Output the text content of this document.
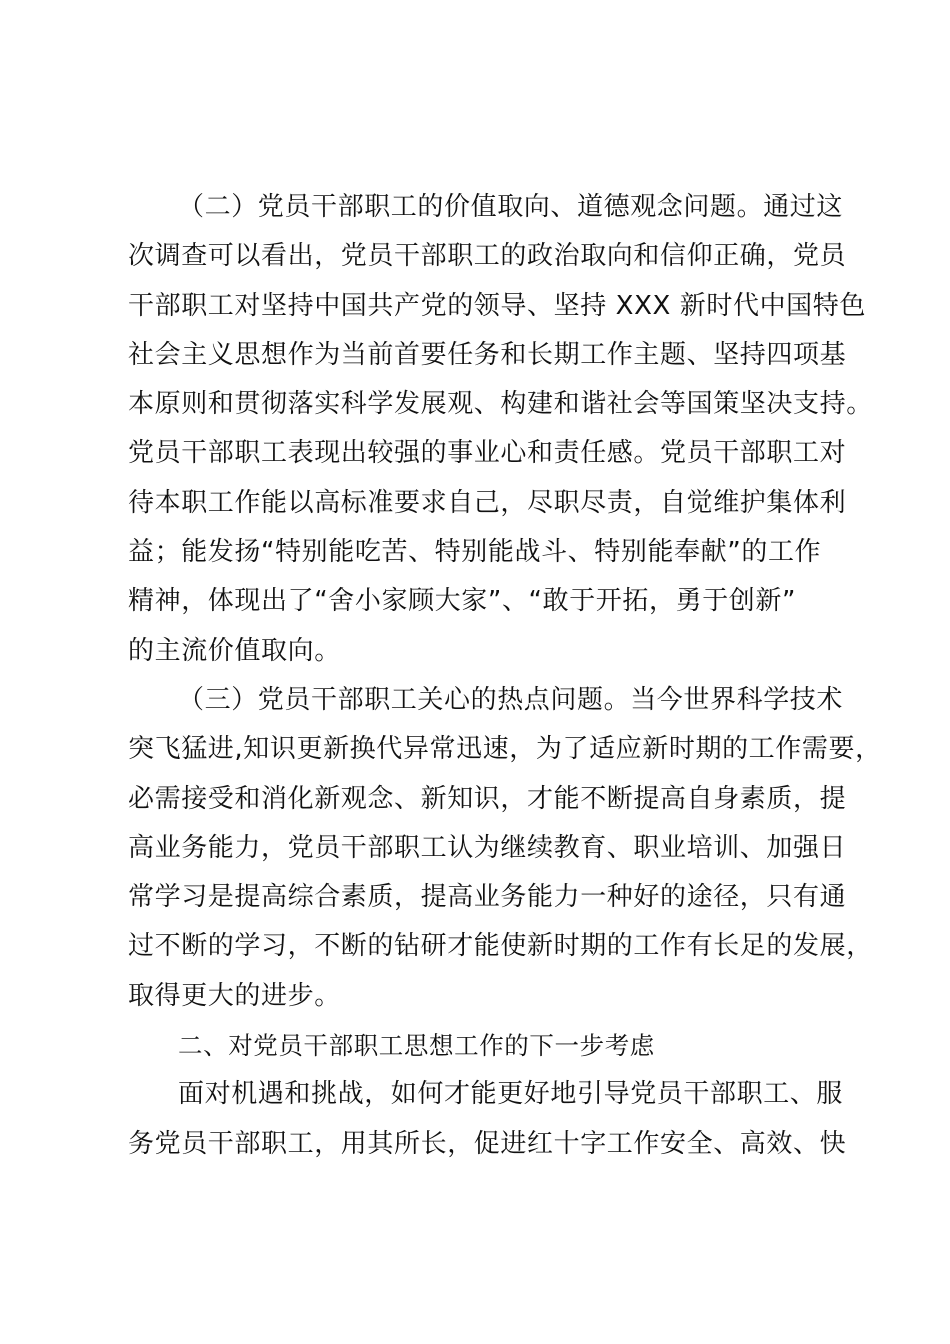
（二）党员干部职工的价值取向、道德观念问题。通过这
次调查可以看出，党员干部职工的政治取向和信仰正确，党员
干部职工对坚持中国共产党的领导、坚持 XXX 新时代中国特色
社会主义思想作为当前首要任务和长期工作主题、坚持四项基
本原则和贯彻落实科学发展观、构建和谐社会等国策坚决支持。
党员干部职工表现出较强的事业心和责任感。党员干部职工对
待本职工作能以高标准要求自己，尽职尽责，自觉维护集体利
益；能发扬“特别能吃苦、特别能战斗、特别能奉献”的工作
精神，体现出了“舍小家顾大家”、“敢于开拓，勇于创新”
的主流价值取向。
（三）党员干部职工关心的热点问题。当今世界科学技术
突飞猛进,知识更新换代异常迅速，为了适应新时期的工作需要，
必需接受和消化新观念、新知识，才能不断提高自身素质，提
高业务能力，党员干部职工认为继续教育、职业培训、加强日
常学习是提高综合素质，提高业务能力一种好的途径，只有通
过不断的学习，不断的钻研才能使新时期的工作有长足的发展，
取得更大的进步。
二、对党员干部职工思想工作的下一步考虑
面对机遇和挑战，如何才能更好地引导党员干部职工、服
务党员干部职工，用其所长，促进红十字工作安全、高效、快
